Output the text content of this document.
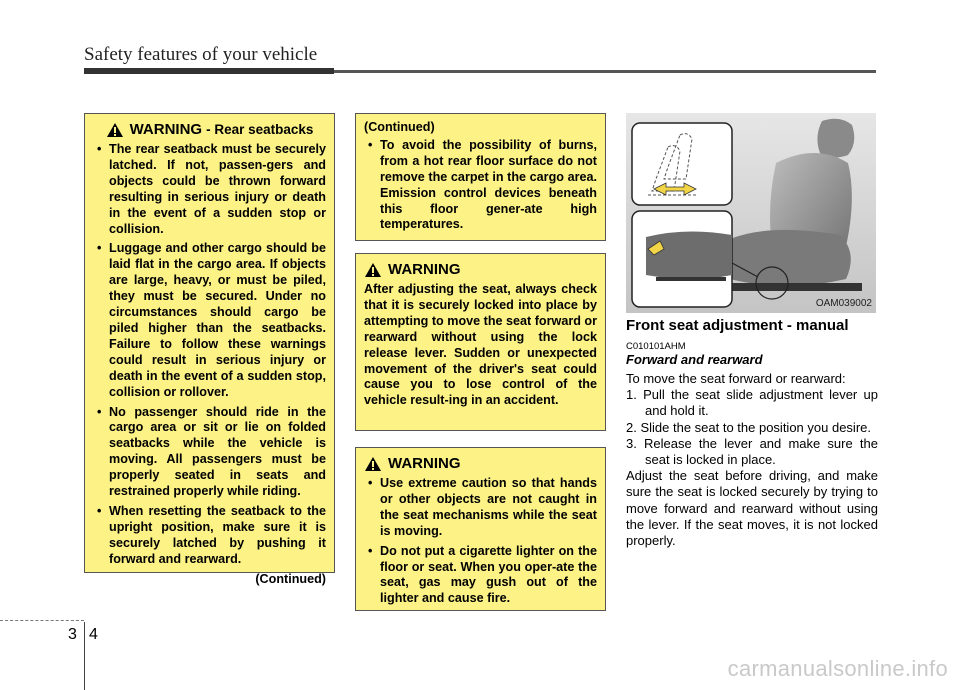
Safety features of your vehicle
WARNING - Rear seatbacks
• The rear seatback must be securely latched. If not, passen-gers and objects could be thrown forward resulting in serious injury or death in the event of a sudden stop or collision.
• Luggage and other cargo should be laid flat in the cargo area. If objects are large, heavy, or must be piled, they must be secured. Under no circumstances should cargo be piled higher than the seatbacks. Failure to follow these warnings could result in serious injury or death in the event of a sudden stop, collision or rollover.
• No passenger should ride in the cargo area or sit or lie on folded seatbacks while the vehicle is moving. All passengers must be properly seated in seats and restrained properly while riding.
• When resetting the seatback to the upright position, make sure it is securely latched by pushing it forward and rearward.
(Continued)
(Continued)
• To avoid the possibility of burns, from a hot rear floor surface do not remove the carpet in the cargo area. Emission control devices beneath this floor gener-ate high temperatures.
WARNING
After adjusting the seat, always check that it is securely locked into place by attempting to move the seat forward or rearward without using the lock release lever. Sudden or unexpected movement of the driver's seat could cause you to lose control of the vehicle result-ing in an accident.
WARNING
• Use extreme caution so that hands or other objects are not caught in the seat mechanisms while the seat is moving.
• Do not put a cigarette lighter on the floor or seat. When you oper-ate the seat, gas may gush out of the lighter and cause fire.
OAM039002
Front seat adjustment - manual
C010101AHM
Forward and rearward

To move the seat forward or rearward:

1. Pull the seat slide adjustment lever up and hold it.

2. Slide the seat to the position you desire.

3. Release the lever and make sure the seat is locked in place.

Adjust the seat before driving, and make sure the seat is locked securely by trying to move forward and rearward without using the lever. If the seat moves, it is not locked properly.

3 4
carmanualsonline.info
